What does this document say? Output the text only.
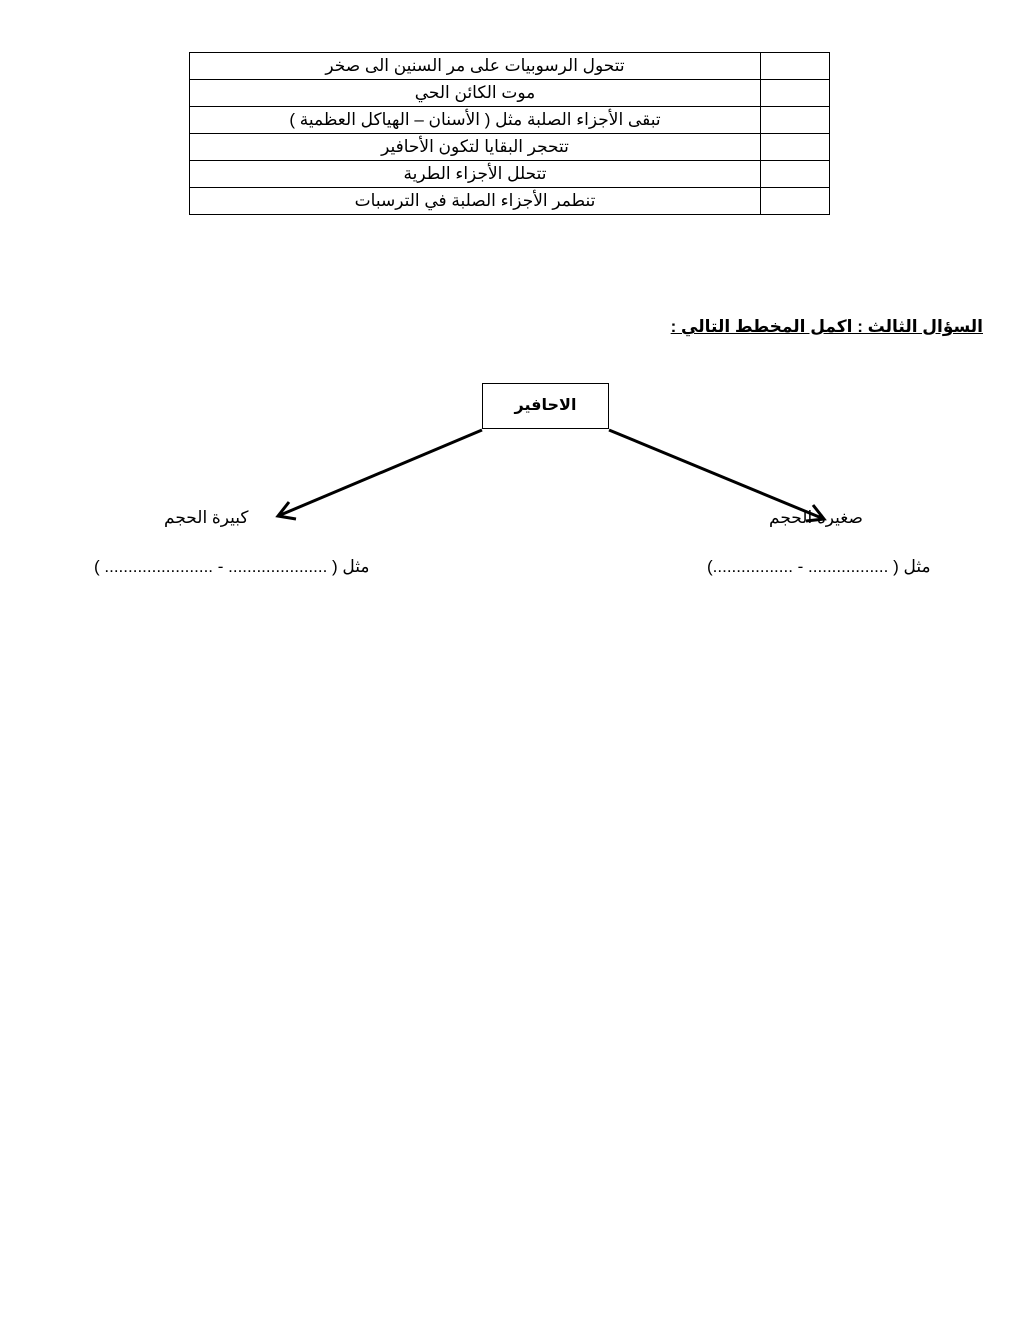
	تتحول الرسوبيات على مر السنين الى صخر
	موت الكائن الحي
	تبقى الأجزاء الصلبة مثل ( الأسنان – الهياكل العظمية )
	تتحجر البقايا لتكون الأحافير
	تتحلل الأجزاء الطرية
	تنطمر الأجزاء الصلبة في الترسبات
السؤال الثالث : اكمل المخطط التالي :
الاحافير
صغيرة الحجم
كبيرة الحجم
مثل ( ................. - .................)
مثل ( ..................... - ....................... )
